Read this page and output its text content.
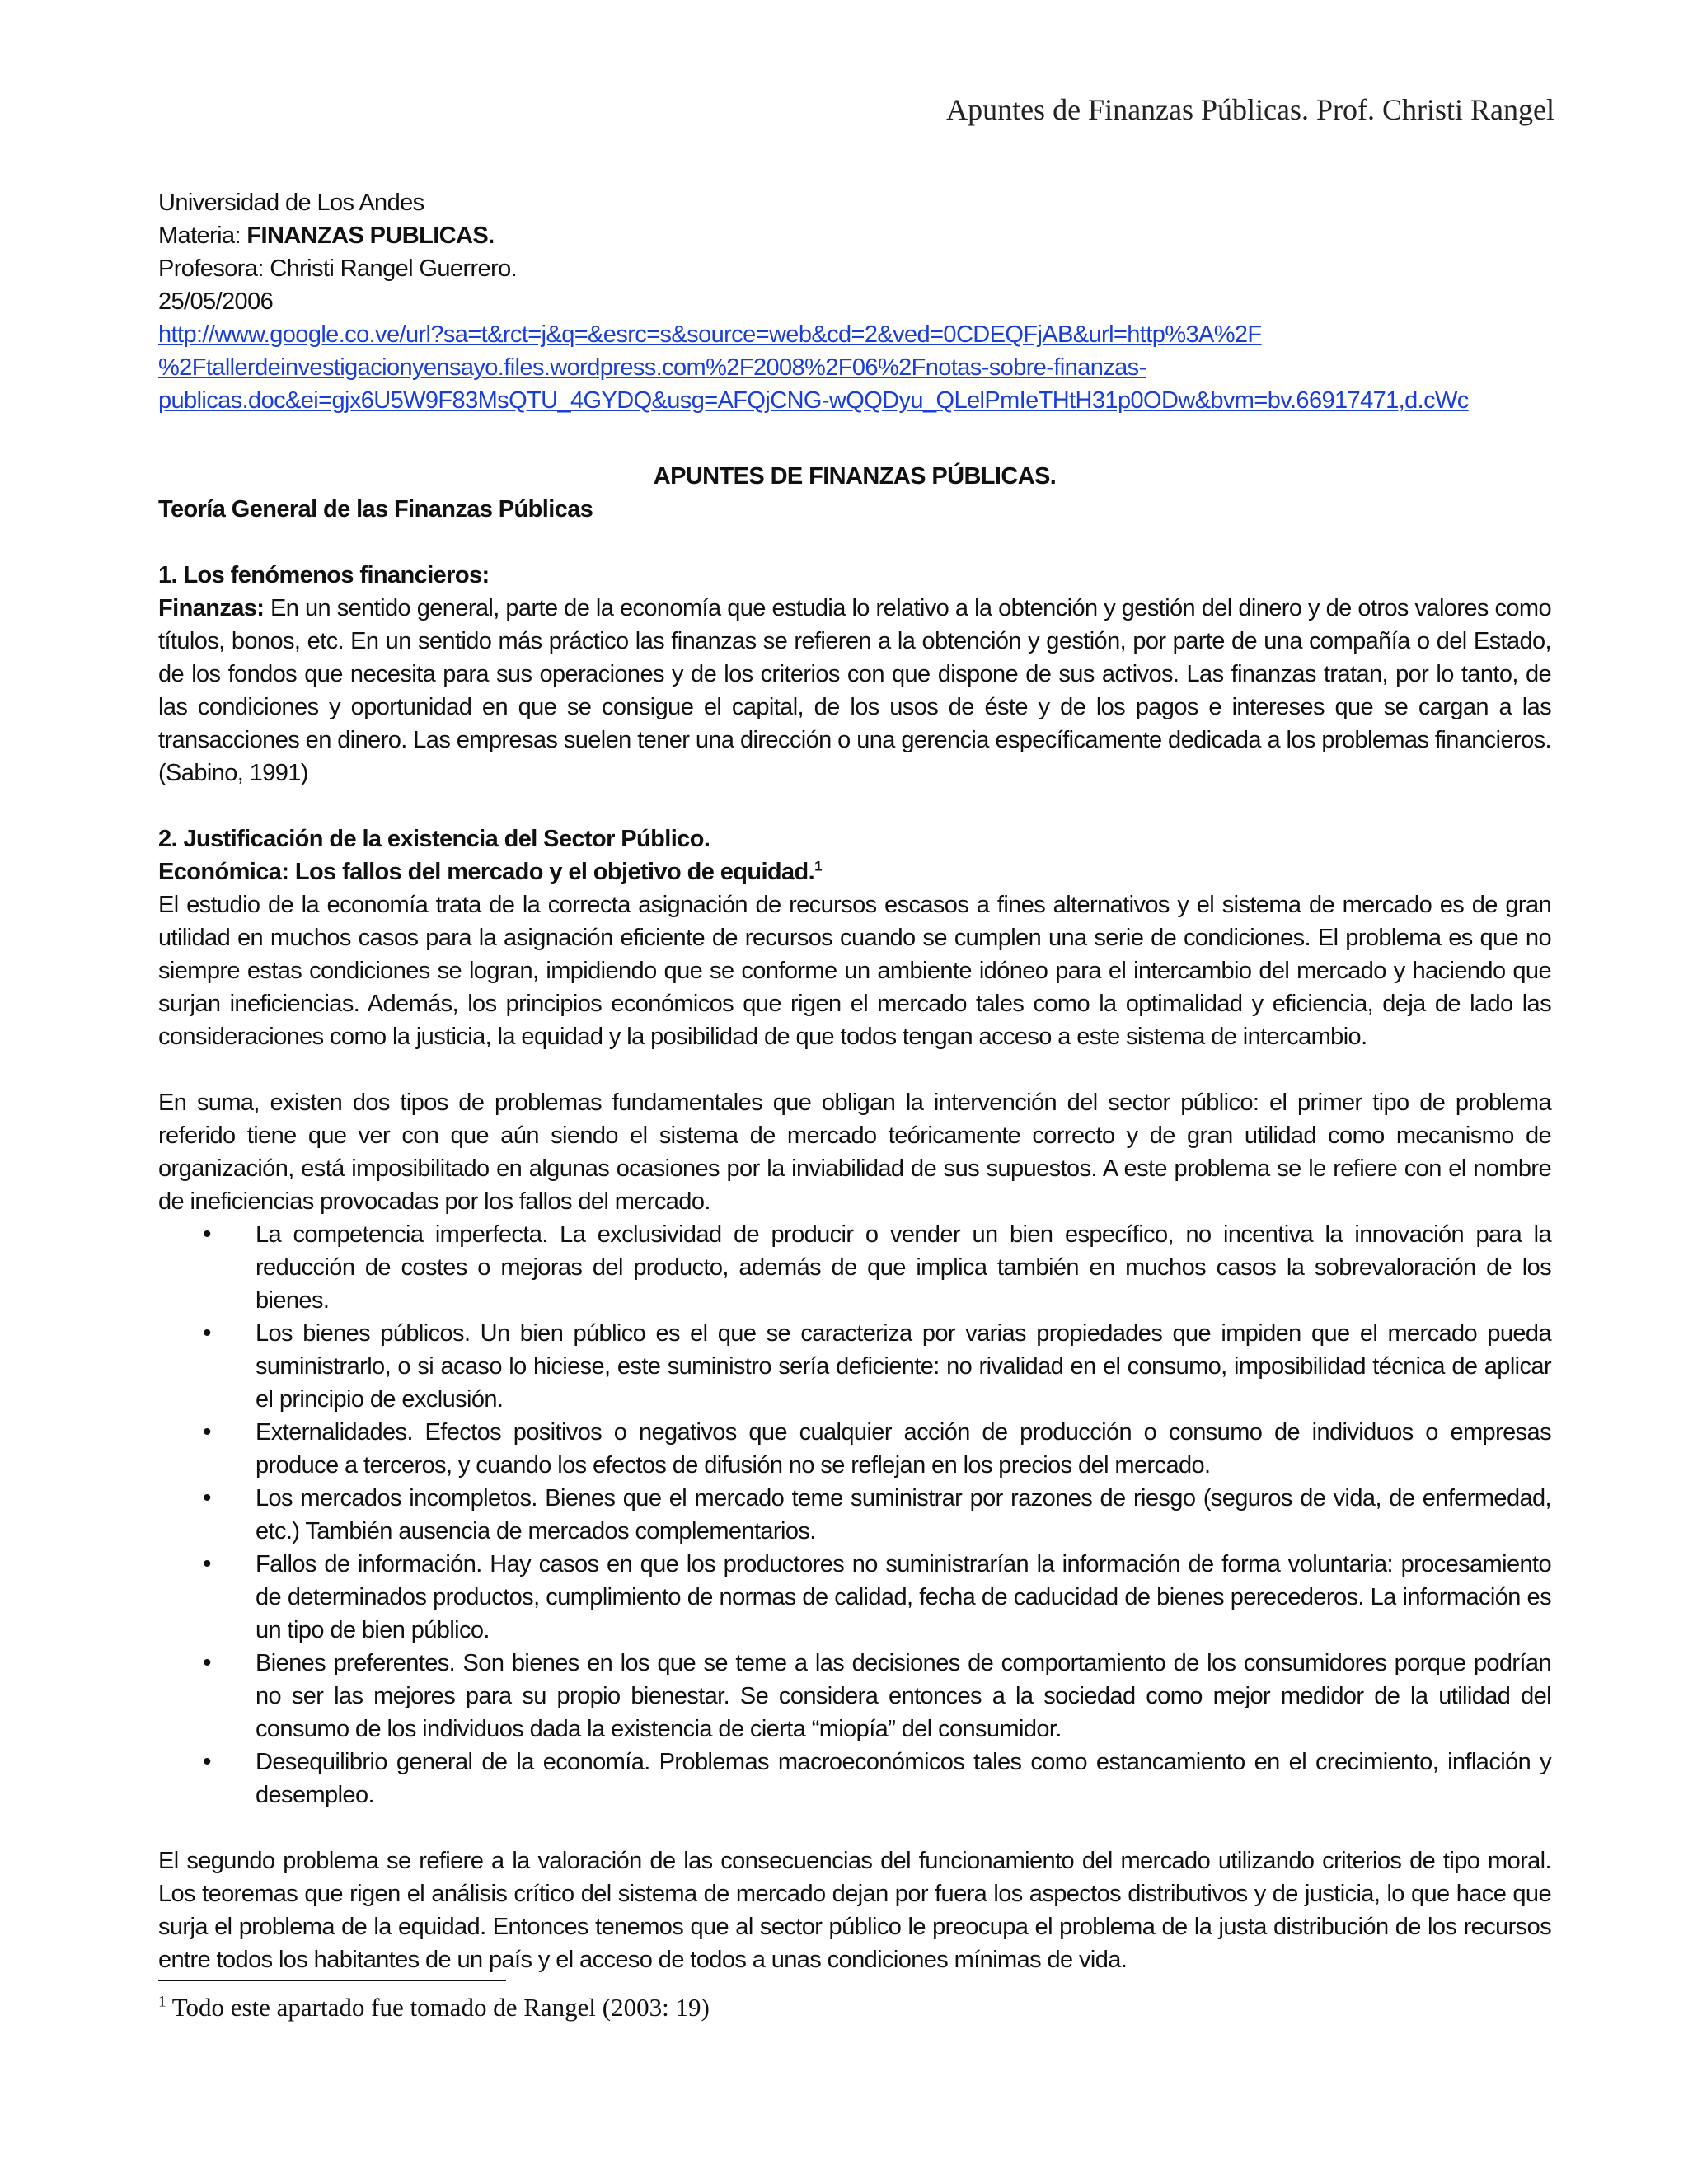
Apuntes de Finanzas Públicas. Prof. Christi Rangel
Universidad de Los Andes
Materia: FINANZAS PUBLICAS.
Profesora: Christi Rangel Guerrero.
25/05/2006
http://www.google.co.ve/url?sa=t&rct=j&q=&esrc=s&source=web&cd=2&ved=0CDEQFjAB&url=http%3A%2F
%2Ftallerdeinvestigacionyensayo.files.wordpress.com%2F2008%2F06%2Fnotas-sobre-finanzas-
publicas.doc&ei=gjx6U5W9F83MsQTU_4GYDQ&usg=AFQjCNG-wQQDyu_QLelPmIeTHtH31p0ODw&bvm=bv.66917471,d.cWc
APUNTES DE FINANZAS PÚBLICAS.
Teoría General de las Finanzas Públicas
1. Los fenómenos financieros:
Finanzas: En un sentido general, parte de la economía que estudia lo relativo a la obtención y gestión del dinero y de otros valores como títulos, bonos, etc. En un sentido más práctico las finanzas se refieren a la obtención y gestión, por parte de una compañía o del Estado, de los fondos que necesita para sus operaciones y de los criterios con que dispone de sus activos. Las finanzas tratan, por lo tanto, de las condiciones y oportunidad en que se consigue el capital, de los usos de éste y de los pagos e intereses que se cargan a las transacciones en dinero. Las empresas suelen tener una dirección o una gerencia específicamente dedicada a los problemas financieros. (Sabino, 1991)
2. Justificación de la existencia del Sector Público.
Económica: Los fallos del mercado y el objetivo de equidad.$^1$
El estudio de la economía trata de la correcta asignación de recursos escasos a fines alternativos y el sistema de mercado es de gran utilidad en muchos casos para la asignación eficiente de recursos cuando se cumplen una serie de condiciones. El problema es que no siempre estas condiciones se logran, impidiendo que se conforme un ambiente idóneo para el intercambio del mercado y haciendo que surjan ineficiencias. Además, los principios económicos que rigen el mercado tales como la optimalidad y eficiencia, deja de lado las consideraciones como la justicia, la equidad y la posibilidad de que todos tengan acceso a este sistema de intercambio.
En suma, existen dos tipos de problemas fundamentales que obligan la intervención del sector público: el primer tipo de problema referido tiene que ver con que aún siendo el sistema de mercado teóricamente correcto y de gran utilidad como mecanismo de organización, está imposibilitado en algunas ocasiones por la inviabilidad de sus supuestos. A este problema se le refiere con el nombre de ineficiencias provocadas por los fallos del mercado.
• La competencia imperfecta. La exclusividad de producir o vender un bien específico, no incentiva la innovación para la reducción de costes o mejoras del producto, además de que implica también en muchos casos la sobrevaloración de los bienes.
• Los bienes públicos. Un bien público es el que se caracteriza por varias propiedades que impiden que el mercado pueda suministrarlo, o si acaso lo hiciese, este suministro sería deficiente: no rivalidad en el consumo, imposibilidad técnica de aplicar el principio de exclusión.
• Externalidades. Efectos positivos o negativos que cualquier acción de producción o consumo de individuos o empresas produce a terceros, y cuando los efectos de difusión no se reflejan en los precios del mercado.
• Los mercados incompletos. Bienes que el mercado teme suministrar por razones de riesgo (seguros de vida, de enfermedad, etc.) También ausencia de mercados complementarios.
• Fallos de información. Hay casos en que los productores no suministrarían la información de forma voluntaria: procesamiento de determinados productos, cumplimiento de normas de calidad, fecha de caducidad de bienes perecederos. La información es un tipo de bien público.
• Bienes preferentes. Son bienes en los que se teme a las decisiones de comportamiento de los consumidores porque podrían no ser las mejores para su propio bienestar. Se considera entonces a la sociedad como mejor medidor de la utilidad del consumo de los individuos dada la existencia de cierta “miopía” del consumidor.
• Desequilibrio general de la economía. Problemas macroeconómicos tales como estancamiento en el crecimiento, inflación y desempleo.
El segundo problema se refiere a la valoración de las consecuencias del funcionamiento del mercado utilizando criterios de tipo moral. Los teoremas que rigen el análisis crítico del sistema de mercado dejan por fuera los aspectos distributivos y de justicia, lo que hace que surja el problema de la equidad. Entonces tenemos que al sector público le preocupa el problema de la justa distribución de los recursos entre todos los habitantes de un país y el acceso de todos a unas condiciones mínimas de vida.
$^1$ Todo este apartado fue tomado de Rangel (2003: 19)
